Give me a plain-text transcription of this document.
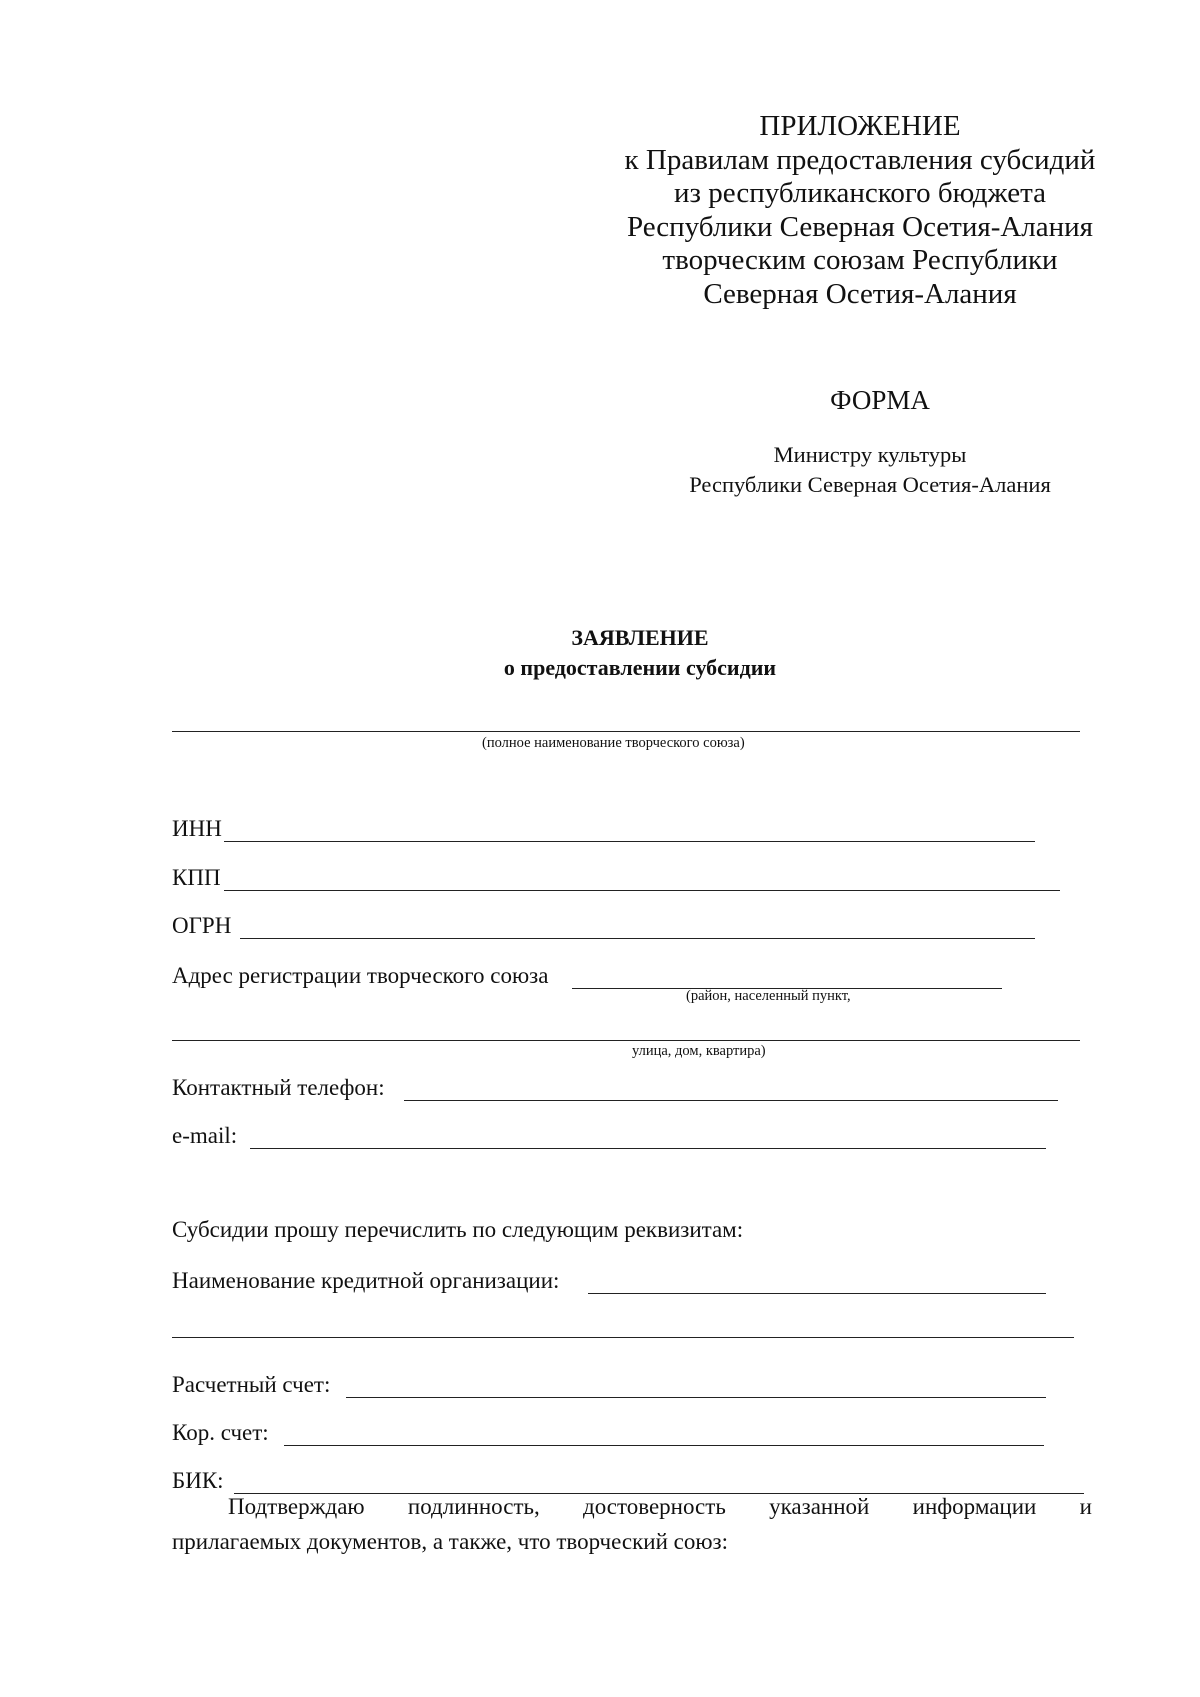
ПРИЛОЖЕНИЕ
к Правилам предоставления субсидий
из республиканского бюджета
Республики Северная Осетия-Алания
творческим союзам Республики
Северная Осетия-Алания
ФОРМА
Министру культуры
Республики Северная Осетия-Алания
ЗАЯВЛЕНИЕ
о предоставлении субсидии
(полное наименование творческого союза)
ИНН
КПП
ОГРН
Адрес регистрации творческого союза
(район, населенный пункт,
улица, дом, квартира)
Контактный телефон:
e-mail:
Субсидии прошу перечислить по следующим реквизитам:
Наименование кредитной организации:
Расчетный счет:
Кор. счет:
БИК:
Подтверждаю подлинность, достоверность указанной информации и
прилагаемых документов, а также, что творческий союз:
